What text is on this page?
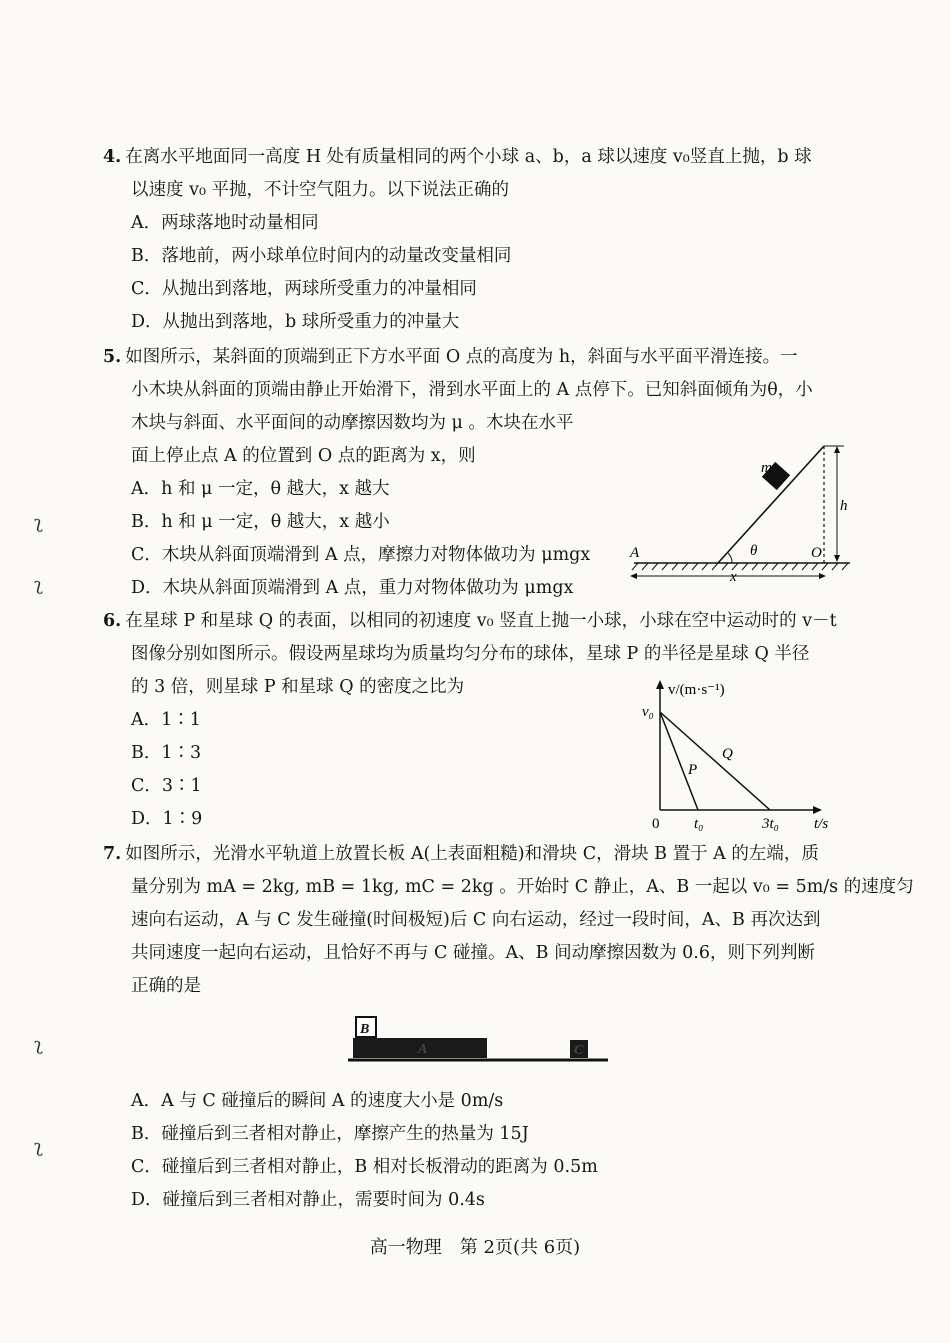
4. 在离水平地面同一高度 H 处有质量相同的两个小球 a、b，a 球以速度 v₀竖直上抛，b 球
以速度 v₀ 平抛，不计空气阻力。以下说法正确的
A．两球落地时动量相同
B．落地前，两小球单位时间内的动量改变量相同
C．从抛出到落地，两球所受重力的冲量相同
D．从抛出到落地，b 球所受重力的冲量大
5. 如图所示，某斜面的顶端到正下方水平面 O 点的高度为 h，斜面与水平面平滑连接。一
小木块从斜面的顶端由静止开始滑下，滑到水平面上的 A 点停下。已知斜面倾角为θ，小
木块与斜面、水平面间的动摩擦因数均为 μ 。木块在水平
面上停止点 A 的位置到 O 点的距离为 x，则
A．h 和 μ 一定，θ 越大，x 越大
B．h 和 μ 一定，θ 越大，x 越小
C．木块从斜面顶端滑到 A 点，摩擦力对物体做功为 μmgx
D．木块从斜面顶端滑到 A 点，重力对物体做功为 μmgx
m
h
A	θ	O
x
6. 在星球 P 和星球 Q 的表面，以相同的初速度 v₀ 竖直上抛一小球，小球在空中运动时的 v－t
图像分别如图所示。假设两星球均为质量均匀分布的球体，星球 P 的半径是星球 Q 半径
的 3 倍，则星球 P 和星球 Q 的密度之比为
A．1∶1
B．1∶3
C．3∶1
D．1∶9
v/(m·s⁻¹)
v₀
0 t₀	3t₀ t/s
P
Q
7. 如图所示，光滑水平轨道上放置长板 A(上表面粗糙)和滑块 C，滑块 B 置于 A 的左端，质
量分别为 mA = 2kg, mB = 1kg, mC = 2kg 。开始时 C 静止，A、B 一起以 v₀ = 5m/s 的速度匀
速向右运动，A 与 C 发生碰撞(时间极短)后 C 向右运动，经过一段时间，A、B 再次达到
共同速度一起向右运动，且恰好不再与 C 碰撞。A、B 间动摩擦因数为 0.6，则下列判断
正确的是
B
A	C
A．A 与 C 碰撞后的瞬间 A 的速度大小是 0m/s
B．碰撞后到三者相对静止，摩擦产生的热量为 15J
C．碰撞后到三者相对静止，B 相对长板滑动的距离为 0.5m
D．碰撞后到三者相对静止，需要时间为 0.4s
高一物理　第 2页(共 6页)
ʅ
ʅ
ʅ
ʅ
